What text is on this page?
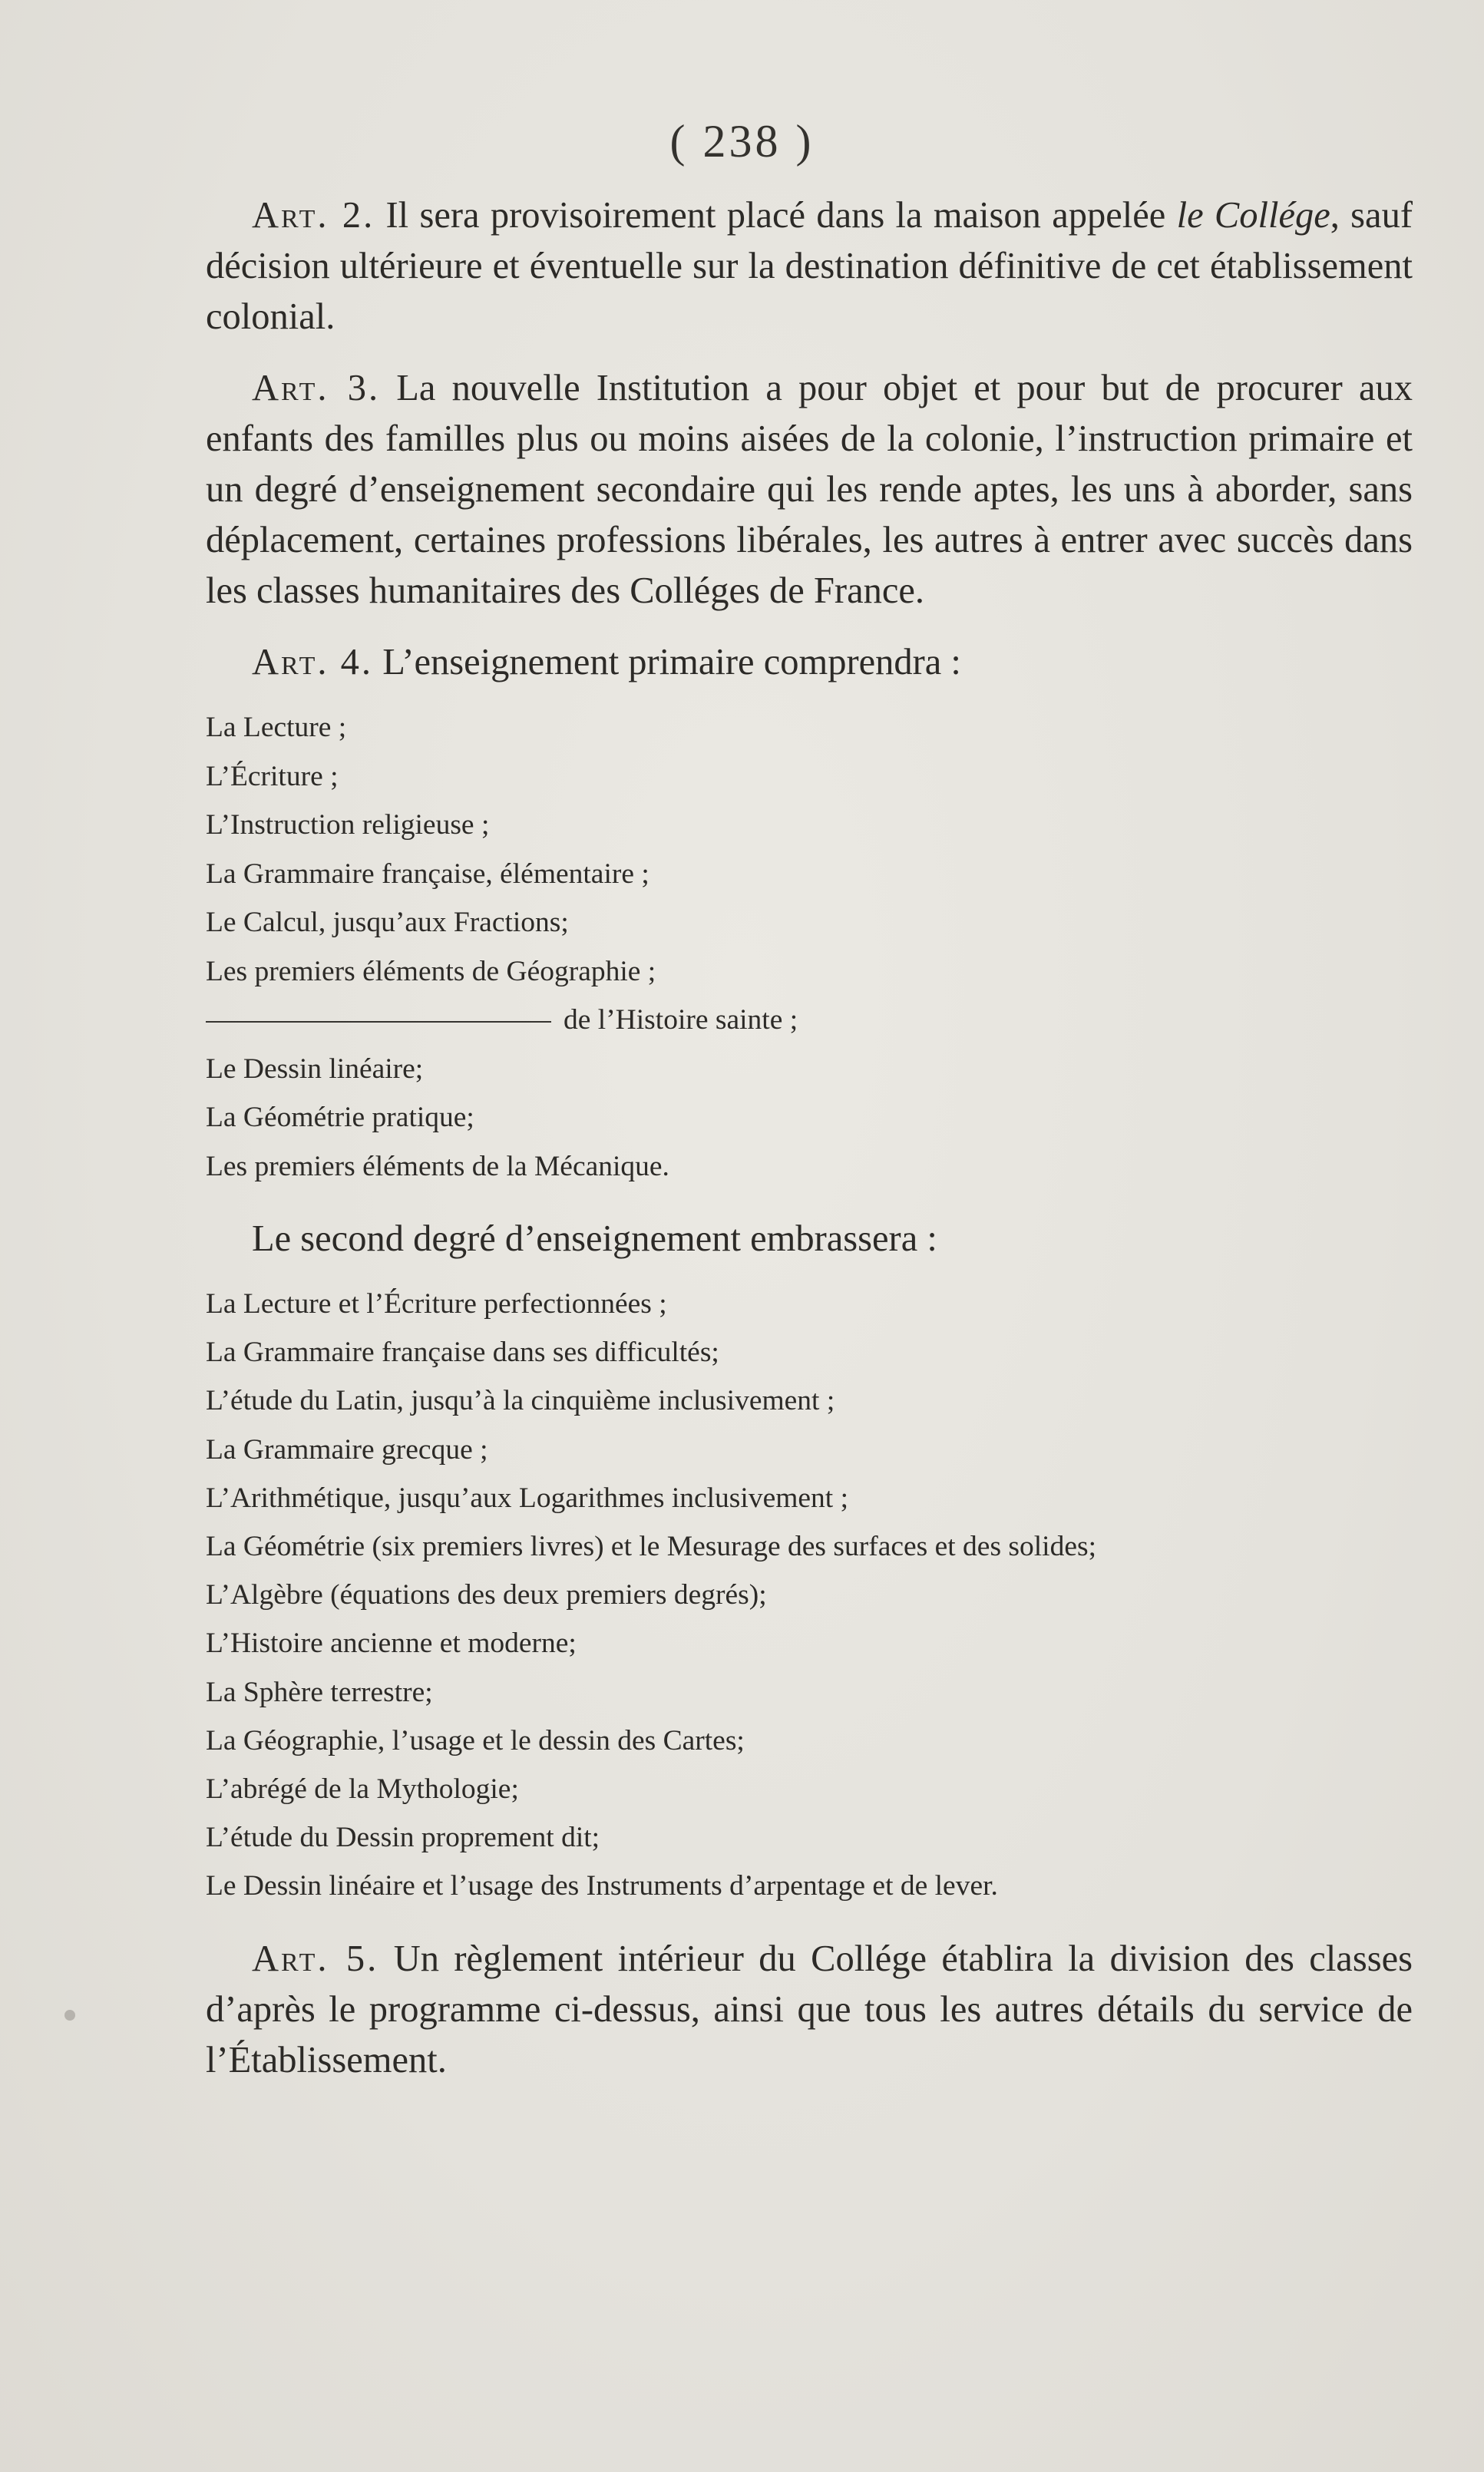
( 238 )

Art. 2. Il sera provisoirement placé dans la maison appelée le Collége, sauf décision ultérieure et éventuelle sur la destination définitive de cet établissement colonial.

Art. 3. La nouvelle Institution a pour objet et pour but de procurer aux enfants des familles plus ou moins aisées de la colonie, l’instruction primaire et un degré d’enseignement secondaire qui les rende aptes, les uns à aborder, sans déplacement, certaines professions libérales, les autres à entrer avec succès dans les classes humanitaires des Colléges de France.

Art. 4. L’enseignement primaire comprendra :

La Lecture ;
L’Écriture ;
L’Instruction religieuse ;
La Grammaire française, élémentaire ;
Le Calcul, jusqu’aux Fractions;
Les premiers éléments de Géographie ;
de l’Histoire sainte ;
Le Dessin linéaire;
La Géométrie pratique;
Les premiers éléments de la Mécanique.

Le second degré d’enseignement embrassera :

La Lecture et l’Écriture perfectionnées ;
La Grammaire française dans ses difficultés;
L’étude du Latin, jusqu’à la cinquième inclusivement ;
La Grammaire grecque ;
L’Arithmétique, jusqu’aux Logarithmes inclusivement ;
La Géométrie (six premiers livres) et le Mesurage des surfaces et des solides;
L’Algèbre (équations des deux premiers degrés);
L’Histoire ancienne et moderne;
La Sphère terrestre;
La Géographie, l’usage et le dessin des Cartes;
L’abrégé de la Mythologie;
L’étude du Dessin proprement dit;
Le Dessin linéaire et l’usage des Instruments d’arpentage et de lever.

Art. 5. Un règlement intérieur du Collége établira la division des classes d’après le programme ci-dessus, ainsi que tous les autres détails du service de l’Établissement.
